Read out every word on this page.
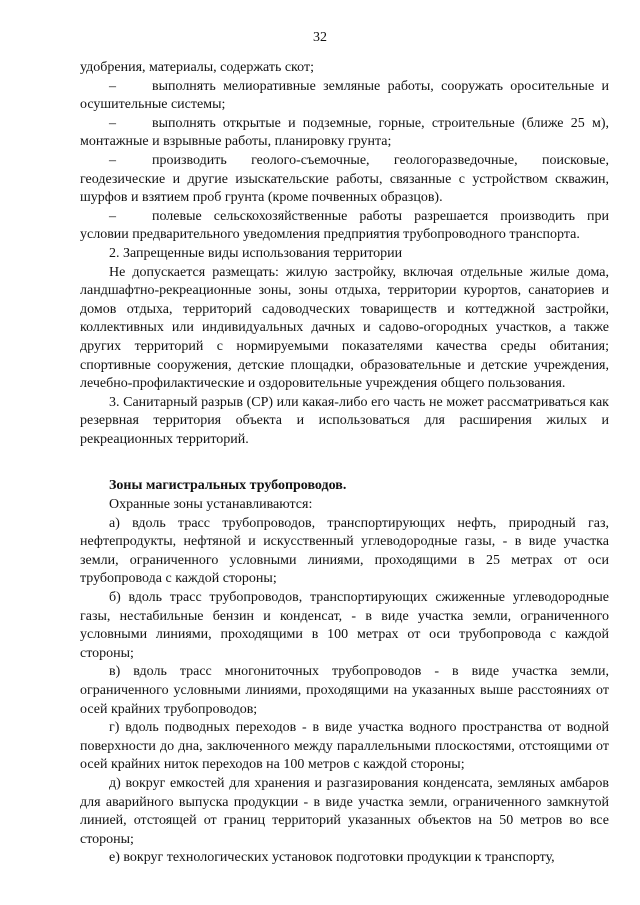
32

удобрения, материалы, содержать скот;

–	выполнять мелиоративные земляные работы, сооружать оросительные и осушительные системы;

–	выполнять открытые и подземные, горные, строительные (ближе 25 м), монтажные и взрывные работы, планировку грунта;

–	производить геолого-съемочные, геологоразведочные, поисковые, геодезические и другие изыскательские работы, связанные с устройством скважин, шурфов и взятием проб грунта (кроме почвенных образцов).

–	полевые сельскохозяйственные работы разрешается производить при условии предварительного уведомления предприятия трубопроводного транспорта.

2. Запрещенные виды использования территории

Не допускается размещать: жилую застройку, включая отдельные жилые дома, ландшафтно-рекреационные зоны, зоны отдыха, территории курортов, санаториев и домов отдыха, территорий садоводческих товариществ и коттеджной застройки, коллективных или индивидуальных дачных и садово-огородных участков, а также других территорий с нормируемыми показателями качества среды обитания; спортивные сооружения, детские площадки, образовательные и детские учреждения, лечебно-профилактические и оздоровительные учреждения общего пользования.

3. Санитарный разрыв (СР) или какая-либо его часть не может рассматриваться как резервная территория объекта и использоваться для расширения жилых и рекреационных территорий.

Зоны магистральных трубопроводов.

Охранные зоны устанавливаются:

а) вдоль трасс трубопроводов, транспортирующих нефть, природный газ, нефтепродукты, нефтяной и искусственный углеводородные газы, - в виде участка земли, ограниченного условными линиями, проходящими в 25 метрах от оси трубопровода с каждой стороны;

б) вдоль трасс трубопроводов, транспортирующих сжиженные углеводородные газы, нестабильные бензин и конденсат, - в виде участка земли, ограниченного условными линиями, проходящими в 100 метрах от оси трубопровода с каждой стороны;

в) вдоль трасс многониточных трубопроводов - в виде участка земли, ограниченного условными линиями, проходящими на указанных выше расстояниях от осей крайних трубопроводов;

г) вдоль подводных переходов - в виде участка водного пространства от водной поверхности до дна, заключенного между параллельными плоскостями, отстоящими от осей крайних ниток переходов на 100 метров с каждой стороны;

д) вокруг емкостей для хранения и разгазирования конденсата, земляных амбаров для аварийного выпуска продукции - в виде участка земли, ограниченного замкнутой линией, отстоящей от границ территорий указанных объектов на 50 метров во все стороны;

е) вокруг технологических установок подготовки продукции к транспорту,
